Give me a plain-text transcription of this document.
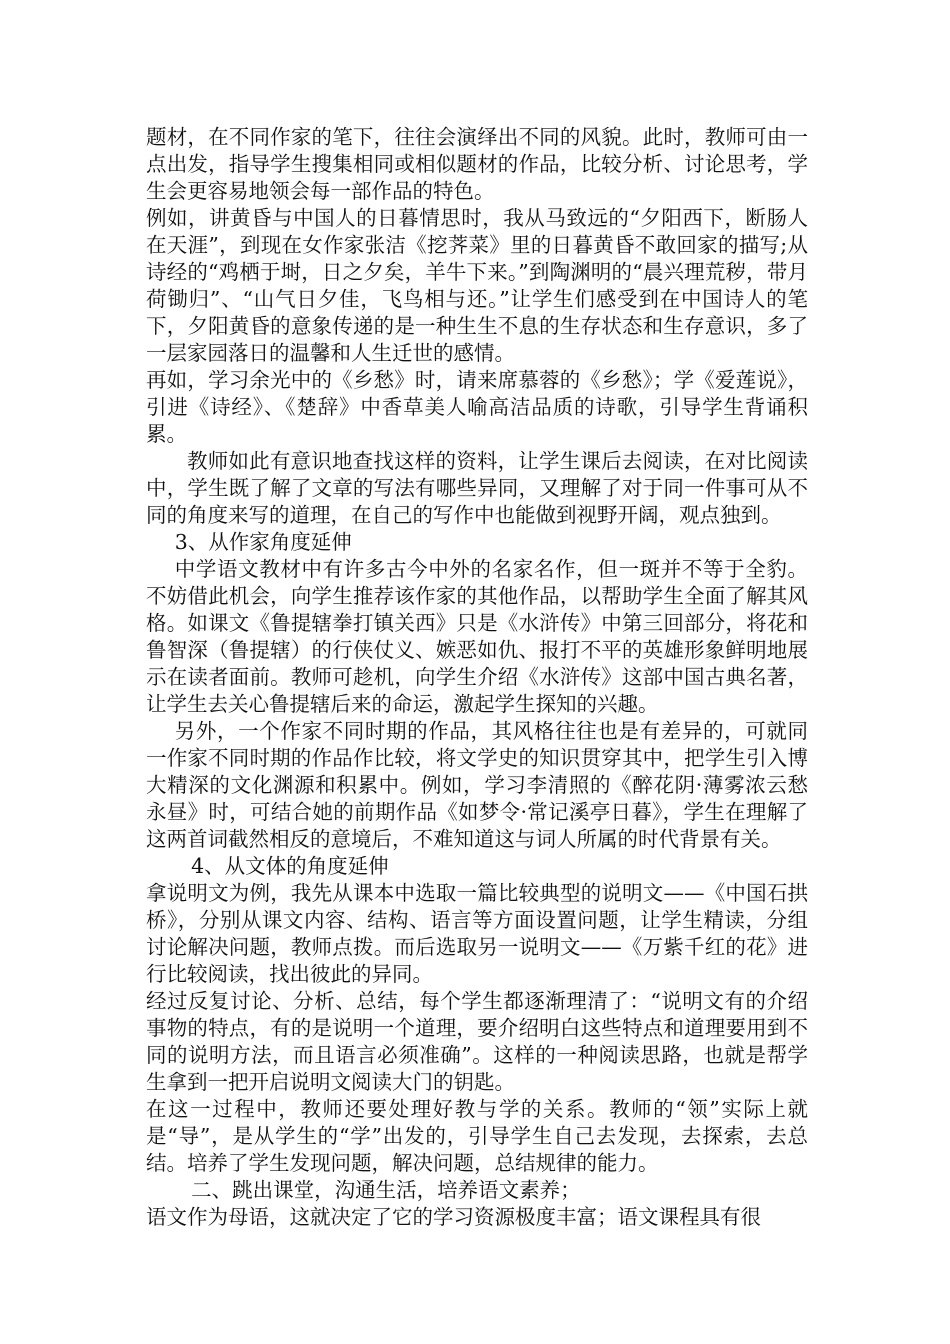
题材，在不同作家的笔下，往往会演绎出不同的风貌。此时，教师可由一点出发，指导学生搜集相同或相似题材的作品，比较分析、讨论思考，学生会更容易地领会每一部作品的特色。

例如，讲黄昏与中国人的日暮情思时，我从马致远的“夕阳西下，断肠人在天涯”，到现在女作家张洁《挖荠菜》里的日暮黄昏不敢回家的描写;从诗经的“鸡栖于埘，日之夕矣，羊牛下来。”到陶渊明的“晨兴理荒秽，带月荷锄归”、“山气日夕佳，飞鸟相与还。”让学生们感受到在中国诗人的笔下，夕阳黄昏的意象传递的是一种生生不息的生存状态和生存意识，多了一层家园落日的温馨和人生迁世的感情。

再如，学习余光中的《乡愁》时，请来席慕蓉的《乡愁》；学《爱莲说》，引进《诗经》、《楚辞》中香草美人喻高洁品质的诗歌，引导学生背诵积累。

教师如此有意识地查找这样的资料，让学生课后去阅读，在对比阅读中，学生既了解了文章的写法有哪些异同，又理解了对于同一件事可从不同的角度来写的道理，在自己的写作中也能做到视野开阔，观点独到。

3、从作家角度延伸

中学语文教材中有许多古今中外的名家名作，但一斑并不等于全豹。不妨借此机会，向学生推荐该作家的其他作品，以帮助学生全面了解其风格。如课文《鲁提辖拳打镇关西》只是《水浒传》中第三回部分，将花和鲁智深（鲁提辖）的行侠仗义、嫉恶如仇、报打不平的英雄形象鲜明地展示在读者面前。教师可趁机，向学生介绍《水浒传》这部中国古典名著，让学生去关心鲁提辖后来的命运，激起学生探知的兴趣。

另外，一个作家不同时期的作品，其风格往往也是有差异的，可就同一作家不同时期的作品作比较，将文学史的知识贯穿其中，把学生引入博大精深的文化渊源和积累中。例如，学习李清照的《醉花阴·薄雾浓云愁永昼》时，可结合她的前期作品《如梦令·常记溪亭日暮》，学生在理解了这两首词截然相反的意境后，不难知道这与词人所属的时代背景有关。

4、从文体的角度延伸

拿说明文为例，我先从课本中选取一篇比较典型的说明文——《中国石拱桥》，分别从课文内容、结构、语言等方面设置问题，让学生精读，分组讨论解决问题，教师点拨。而后选取另一说明文——《万紫千红的花》进行比较阅读，找出彼此的异同。

经过反复讨论、分析、总结，每个学生都逐渐理清了：“说明文有的介绍事物的特点，有的是说明一个道理，要介绍明白这些特点和道理要用到不同的说明方法，而且语言必须准确”。这样的一种阅读思路，也就是帮学生拿到一把开启说明文阅读大门的钥匙。

在这一过程中，教师还要处理好教与学的关系。教师的“领”实际上就是“导”，是从学生的“学”出发的，引导学生自己去发现，去探索，去总结。培养了学生发现问题，解决问题，总结规律的能力。

二、跳出课堂，沟通生活，培养语文素养；

语文作为母语，这就决定了它的学习资源极度丰富；语文课程具有很
